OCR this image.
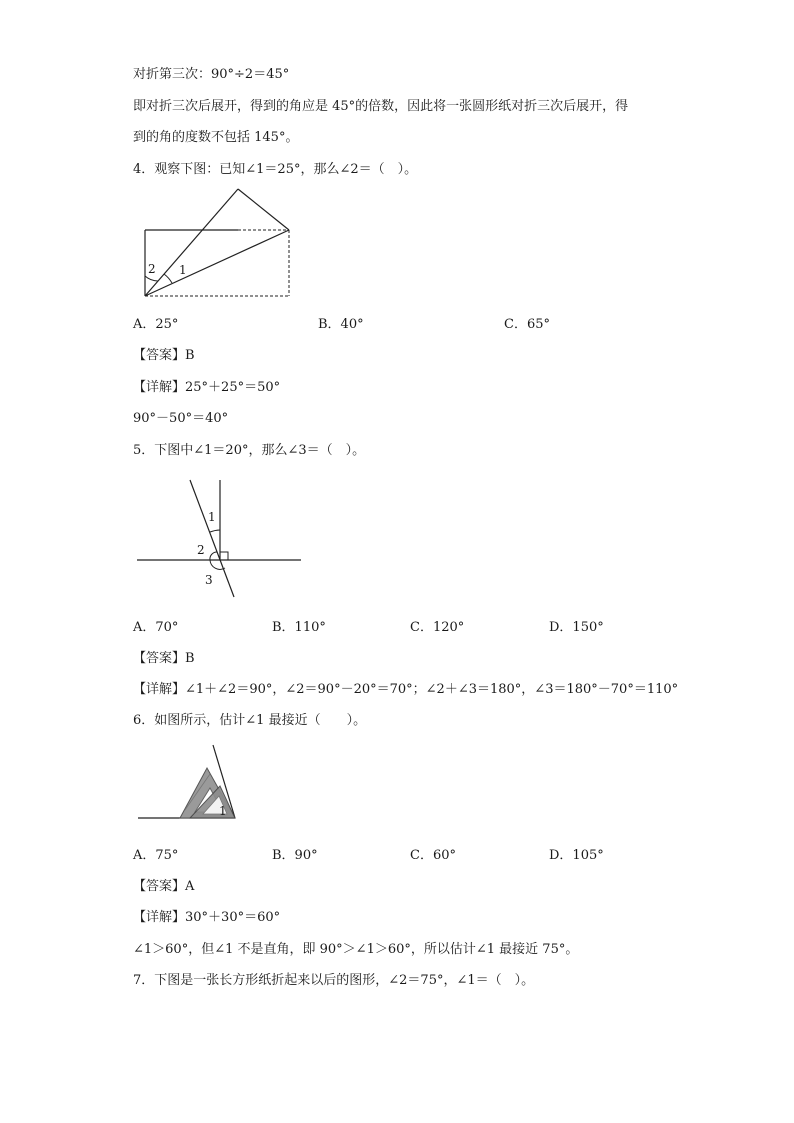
对折第三次：90°÷2＝45°
即对折三次后展开，得到的角应是 45°的倍数，因此将一张圆形纸对折三次后展开，得
到的角的度数不包括 145°。
4．观察下图：已知∠1＝25°，那么∠2＝（　）。
2 1
A．25°	B．40°	C．65°
【答案】B
【详解】25°＋25°＝50°
90°－50°＝40°
5．下图中∠1＝20°，那么∠3＝（　）。
1
2
3
A．70°	B．110°	C．120°	D．150°
【答案】B
【详解】∠1＋∠2＝90°，∠2＝90°－20°＝70°；∠2＋∠3＝180°，∠3＝180°－70°＝110°
6．如图所示，估计∠1 最接近（　　）。
1
A．75°	B．90°	C．60°	D．105°
【答案】A
【详解】30°＋30°＝60°
∠1＞60°，但∠1 不是直角，即 90°＞∠1＞60°，所以估计∠1 最接近 75°。
7．下图是一张长方形纸折起来以后的图形，∠2＝75°，∠1＝（　）。
